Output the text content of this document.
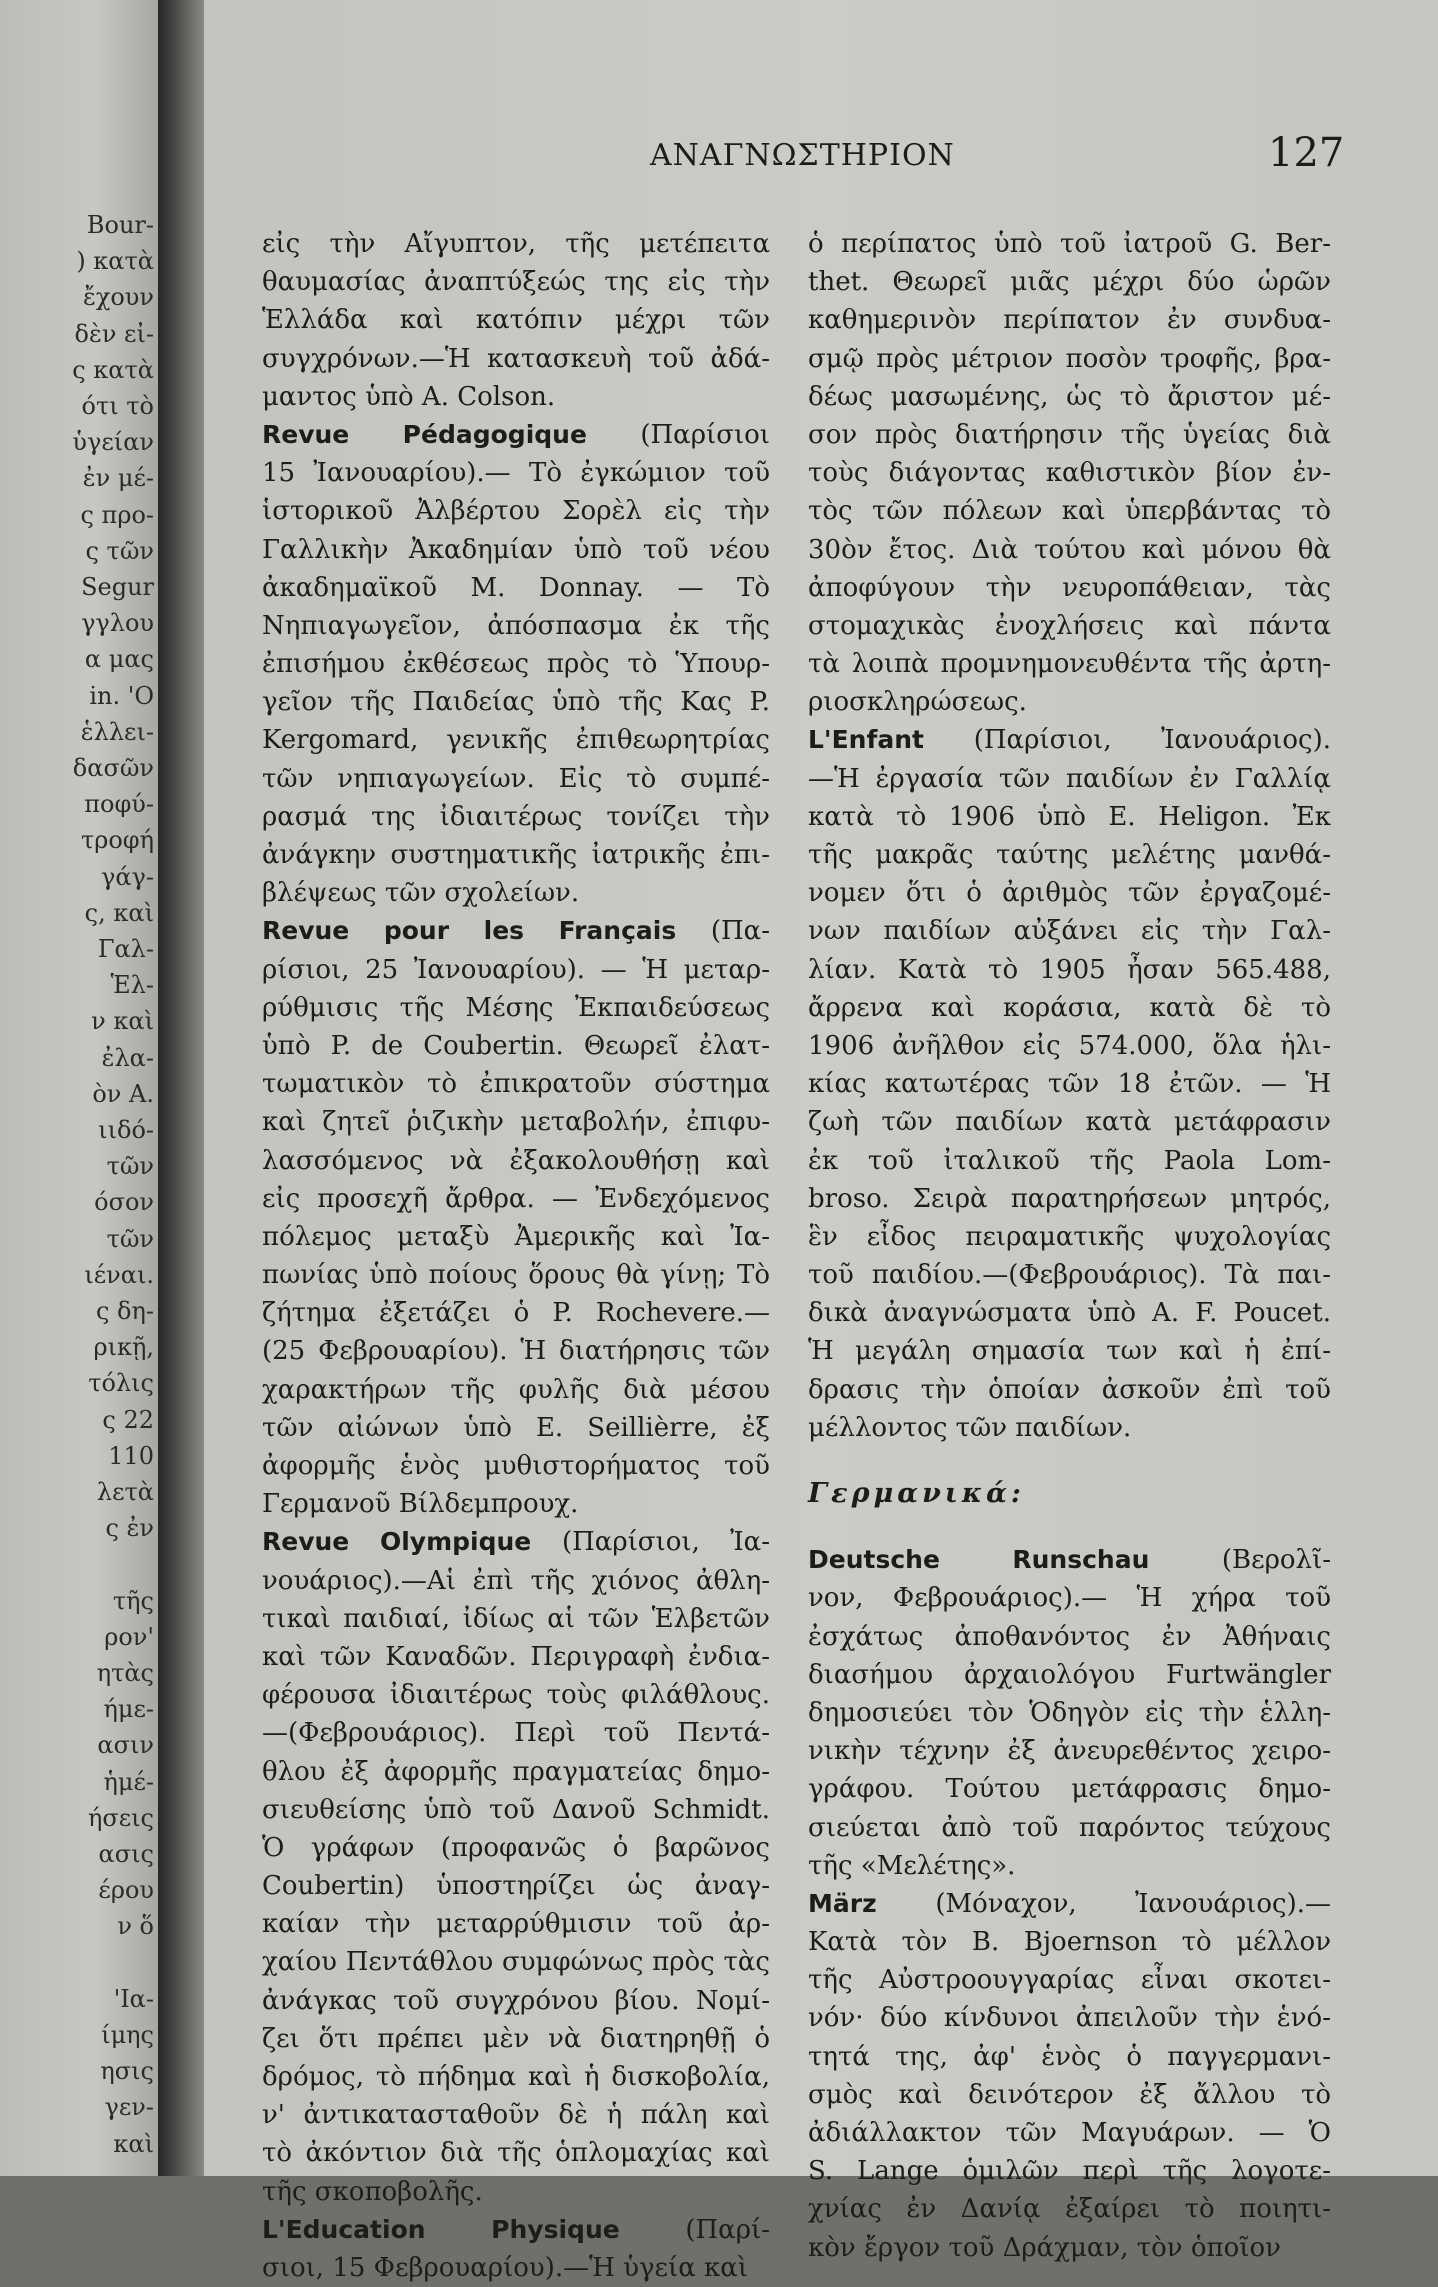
Bour-
) κατὰ
ἔχουν
δὲν εἰ-
ς κατὰ
ότι τὸ
ὑγείαν
ἐν μέ-
ς προ-
ς τῶν
Segur
γγλου
α μας
in. 'Ο
ἑλλει-
δασῶν
ποφύ-
τροφή
γάγ-
ς, καὶ
Γαλ-
Ἑλ-
ν καὶ
ἐλα-
ὸν Α.
ιιδό-
τῶν
όσον
τῶν
ιέναι.
ς δη-
ρικῇ,
τόλις
ς 22
110
λετὰ
ς ἐν
τῆς
ρον'
ητὰς
ήμε-
ασιν
ἡμέ-
ήσεις
ασις
έρου
ν ὅ
'Ια-
ίμης
ησις
γεν-
καὶ
ΑΝΑΓΝΩΣΤΗΡΙΟΝ	127
εἰς τὴν Αἴγυπτον, τῆς μετέπειτα
θαυμασίας ἀναπτύξεώς της εἰς τὴν
Ἑλλάδα καὶ κατόπιν μέχρι τῶν
συγχρόνων.—Ἡ κατασκευὴ τοῦ ἀδά-
μαντος ὑπὸ A. Colson.
Revue Pédagogique (Παρίσιοι
15 Ἰανουαρίου).— Τὸ ἐγκώμιον τοῦ
ἱστορικοῦ Ἀλβέρτου Σορὲλ εἰς τὴν
Γαλλικὴν Ἀκαδημίαν ὑπὸ τοῦ νέου
ἀκαδημαϊκοῦ M. Donnay. — Τὸ
Νηπιαγωγεῖον, ἀπόσπασμα ἐκ τῆς
ἐπισήμου ἐκθέσεως πρὸς τὸ Ὑπουρ-
γεῖον τῆς Παιδείας ὑπὸ τῆς Κας P.
Kergomard, γενικῆς ἐπιθεωρητρίας
τῶν νηπιαγωγείων. Εἰς τὸ συμπέ-
ρασμά της ἰδιαιτέρως τονίζει τὴν
ἀνάγκην συστηματικῆς ἰατρικῆς ἐπι-
βλέψεως τῶν σχολείων.
Revue pour les Français (Πα-
ρίσιοι, 25 Ἰανουαρίου). — Ἡ μεταρ-
ρύθμισις τῆς Μέσης Ἐκπαιδεύσεως
ὑπὸ P. de Coubertin. Θεωρεῖ ἐλατ-
τωματικὸν τὸ ἐπικρατοῦν σύστημα
καὶ ζητεῖ ῥιζικὴν μεταβολήν, ἐπιφυ-
λασσόμενος νὰ ἐξακολουθήσῃ καὶ
εἰς προσεχῆ ἄρθρα. — Ἐνδεχόμενος
πόλεμος μεταξὺ Ἀμερικῆς καὶ Ἰα-
πωνίας ὑπὸ ποίους ὅρους θὰ γίνῃ; Τὸ
ζήτημα ἐξετάζει ὁ P. Rochevere.—
(25 Φεβρουαρίου). Ἡ διατήρησις τῶν
χαρακτήρων τῆς φυλῆς διὰ μέσου
τῶν αἰώνων ὑπὸ E. Seillièrre, ἐξ
ἀφορμῆς ἑνὸς μυθιστορήματος τοῦ
Γερμανοῦ Βίλδεμπρουχ.
Revue Olympique (Παρίσιοι, Ἰα-
νουάριος).—Αἱ ἐπὶ τῆς χιόνος ἀθλη-
τικαὶ παιδιαί, ἰδίως αἱ τῶν Ἑλβετῶν
καὶ τῶν Καναδῶν. Περιγραφὴ ἐνδια-
φέρουσα ἰδιαιτέρως τοὺς φιλάθλους.
—(Φεβρουάριος). Περὶ τοῦ Πεντά-
θλου ἐξ ἀφορμῆς πραγματείας δημο-
σιευθείσης ὑπὸ τοῦ Δανοῦ Schmidt.
Ὁ γράφων (προφανῶς ὁ βαρῶνος
Coubertin) ὑποστηρίζει ὡς ἀναγ-
καίαν τὴν μεταρρύθμισιν τοῦ ἀρ-
χαίου Πεντάθλου συμφώνως πρὸς τὰς
ἀνάγκας τοῦ συγχρόνου βίου. Νομί-
ζει ὅτι πρέπει μὲν νὰ διατηρηθῇ ὁ
δρόμος, τὸ πήδημα καὶ ἡ δισκοβολία,
ν' ἀντικατασταθοῦν δὲ ἡ πάλη καὶ
τὸ ἀκόντιον διὰ τῆς ὁπλομαχίας καὶ
τῆς σκοποβολῆς.
L'Education Physique (Παρί-
σιοι, 15 Φεβρουαρίου).—Ἡ ὑγεία καὶ
ὁ περίπατος ὑπὸ τοῦ ἰατροῦ G. Ber-
thet. Θεωρεῖ μιᾶς μέχρι δύο ὡρῶν
καθημερινὸν περίπατον ἐν συνδυα-
σμῷ πρὸς μέτριον ποσὸν τροφῆς, βρα-
δέως μασωμένης, ὡς τὸ ἄριστον μέ-
σον πρὸς διατήρησιν τῆς ὑγείας διὰ
τοὺς διάγοντας καθιστικὸν βίον ἐν-
τὸς τῶν πόλεων καὶ ὑπερβάντας τὸ
30ὸν ἔτος. Διὰ τούτου καὶ μόνου θὰ
ἀποφύγουν τὴν νευροπάθειαν, τὰς
στομαχικὰς ἐνοχλήσεις καὶ πάντα
τὰ λοιπὰ προμνημονευθέντα τῆς ἀρτη-
ριοσκληρώσεως.
L'Enfant (Παρίσιοι, Ἰανουάριος).
—Ἡ ἐργασία τῶν παιδίων ἐν Γαλλίᾳ
κατὰ τὸ 1906 ὑπὸ E. Heligon. Ἐκ
τῆς μακρᾶς ταύτης μελέτης μανθά-
νομεν ὅτι ὁ ἀριθμὸς τῶν ἐργαζομέ-
νων παιδίων αὐξάνει εἰς τὴν Γαλ-
λίαν. Κατὰ τὸ 1905 ἦσαν 565.488,
ἄρρενα καὶ κοράσια, κατὰ δὲ τὸ
1906 ἀνῆλθον εἰς 574.000, ὅλα ἡλι-
κίας κατωτέρας τῶν 18 ἐτῶν. — Ἡ
ζωὴ τῶν παιδίων κατὰ μετάφρασιν
ἐκ τοῦ ἰταλικοῦ τῆς Paola Lom-
broso. Σειρὰ παρατηρήσεων μητρός,
ἓν εἶδος πειραματικῆς ψυχολογίας
τοῦ παιδίου.—(Φεβρουάριος). Τὰ παι-
δικὰ ἀναγνώσματα ὑπὸ A. F. Poucet.
Ἡ μεγάλη σημασία των καὶ ἡ ἐπί-
δρασις τὴν ὁποίαν ἀσκοῦν ἐπὶ τοῦ
μέλλοντος τῶν παιδίων.
Γερμανικά:
Deutsche Runschau (Βερολῖ-
νον, Φεβρουάριος).— Ἡ χήρα τοῦ
ἐσχάτως ἀποθανόντος ἐν Ἀθήναις
διασήμου ἀρχαιολόγου Furtwängler
δημοσιεύει τὸν Ὁδηγὸν εἰς τὴν ἑλλη-
νικὴν τέχνην ἐξ ἀνευρεθέντος χειρο-
γράφου. Τούτου μετάφρασις δημο-
σιεύεται ἀπὸ τοῦ παρόντος τεύχους
τῆς «Μελέτης».
März (Μόναχον, Ἰανουάριος).—
Κατὰ τὸν B. Bjoernson τὸ μέλλον
τῆς Αὐστροουγγαρίας εἶναι σκοτει-
νόν· δύο κίνδυνοι ἀπειλοῦν τὴν ἑνό-
τητά της, ἀφ' ἑνὸς ὁ παγγερμανι-
σμὸς καὶ δεινότερον ἐξ ἄλλου τὸ
ἀδιάλλακτον τῶν Μαγυάρων. — Ὁ
S. Lange ὁμιλῶν περὶ τῆς λογοτε-
χνίας ἐν Δανίᾳ ἐξαίρει τὸ ποιητι-
κὸν ἔργον τοῦ Δράχμαν, τὸν ὁποῖον
